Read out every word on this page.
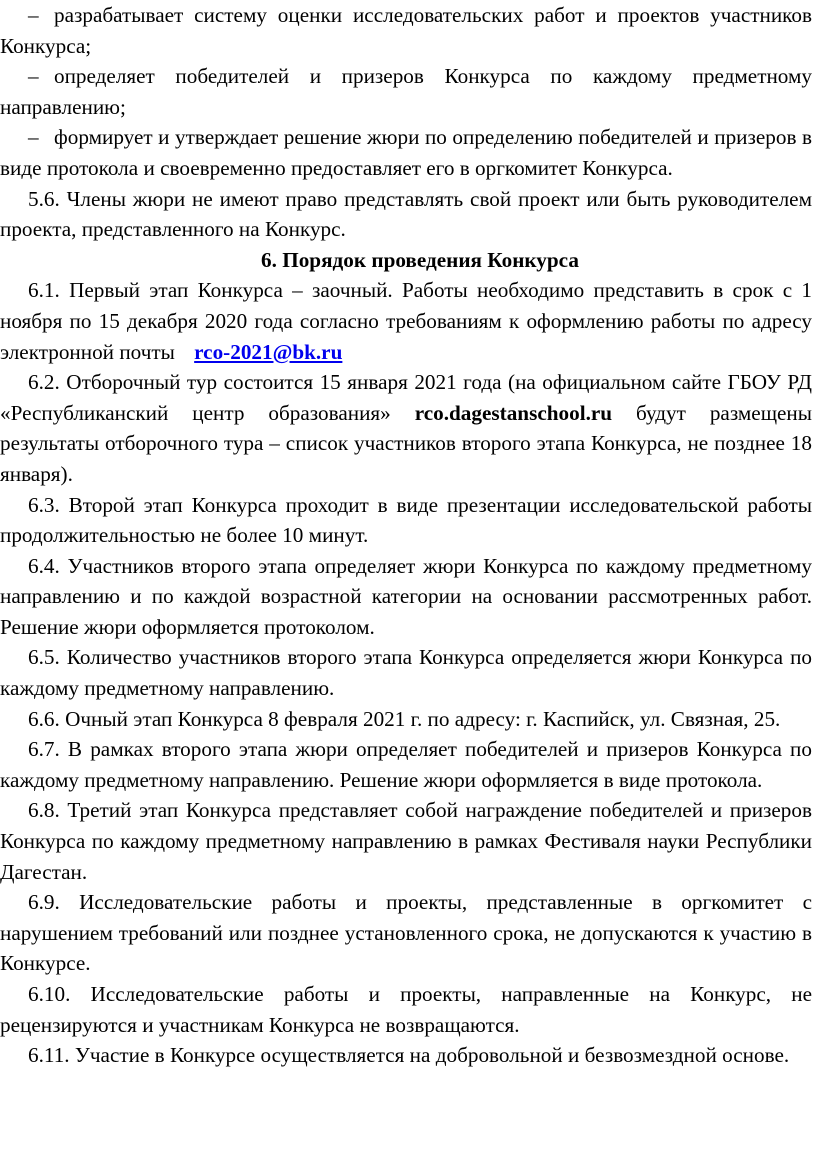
– разрабатывает систему оценки исследовательских работ и проектов участников Конкурса;

– определяет победителей и призеров Конкурса по каждому предметному направлению;

– формирует и утверждает решение жюри по определению победителей и призеров в виде протокола и своевременно предоставляет его в оргкомитет Конкурса.

5.6. Члены жюри не имеют право представлять свой проект или быть руководителем проекта, представленного на Конкурс.

6. Порядок проведения Конкурса

6.1. Первый этап Конкурса – заочный. Работы необходимо представить в срок с 1 ноября по 15 декабря 2020 года согласно требованиям к оформлению работы по адресу электронной почты rco-2021@bk.ru

6.2. Отборочный тур состоится 15 января 2021 года (на официальном сайте ГБОУ РД «Республиканский центр образования» rco.dagestanschool.ru будут размещены результаты отборочного тура – список участников второго этапа Конкурса, не позднее 18 января).

6.3. Второй этап Конкурса проходит в виде презентации исследовательской работы продолжительностью не более 10 минут.

6.4. Участников второго этапа определяет жюри Конкурса по каждому предметному направлению и по каждой возрастной категории на основании рассмотренных работ. Решение жюри оформляется протоколом.

6.5. Количество участников второго этапа Конкурса определяется жюри Конкурса по каждому предметному направлению.

6.6. Очный этап Конкурса 8 февраля 2021 г. по адресу: г. Каспийск, ул. Связная, 25.

6.7. В рамках второго этапа жюри определяет победителей и призеров Конкурса по каждому предметному направлению. Решение жюри оформляется в виде протокола.

6.8. Третий этап Конкурса представляет собой награждение победителей и призеров Конкурса по каждому предметному направлению в рамках Фестиваля науки Республики Дагестан.

6.9. Исследовательские работы и проекты, представленные в оргкомитет с нарушением требований или позднее установленного срока, не допускаются к участию в Конкурсе.

6.10. Исследовательские работы и проекты, направленные на Конкурс, не рецензируются и участникам Конкурса не возвращаются.

6.11. Участие в Конкурсе осуществляется на добровольной и безвозмездной основе.
